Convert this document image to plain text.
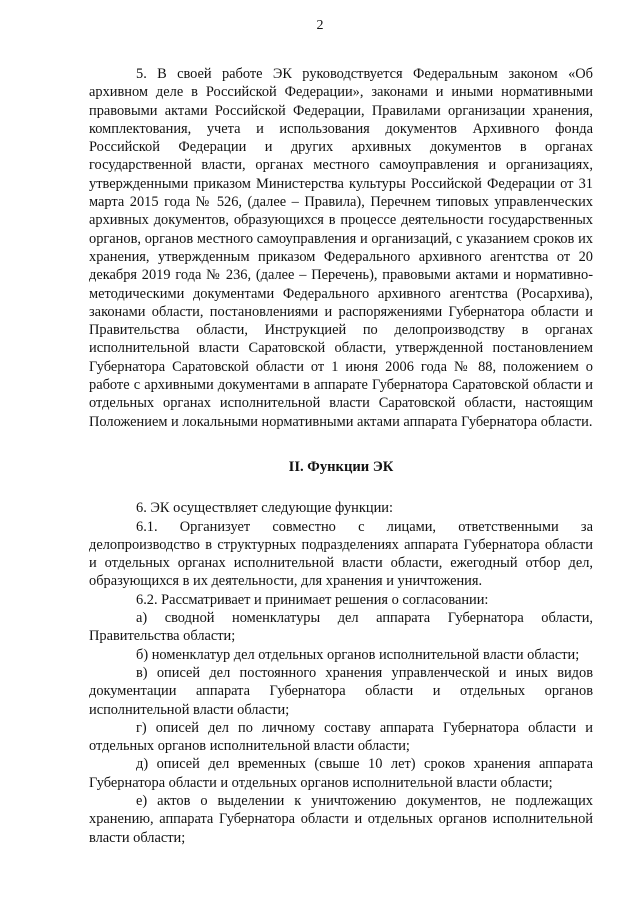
2

5. В своей работе ЭК руководствуется Федеральным законом «Об архивном деле в Российской Федерации», законами и иными нормативными правовыми актами Российской Федерации, Правилами организации хранения, комплектования, учета и использования документов Архивного фонда Российской Федерации и других архивных документов в органах государственной власти, органах местного самоуправления и организациях, утвержденными приказом Министерства культуры Российской Федерации от 31 марта 2015 года № 526, (далее – Правила), Перечнем типовых управленческих архивных документов, образующихся в процессе деятельности государственных органов, органов местного самоуправления и организаций, с указанием сроков их хранения, утвержденным приказом Федерального архивного агентства от 20 декабря 2019 года № 236, (далее – Перечень), правовыми актами и нормативно-методическими документами Федерального архивного агентства (Росархива), законами области, постановлениями и распоряжениями Губернатора области и Правительства области, Инструкцией по делопроизводству в органах исполнительной власти Саратовской области, утвержденной постановлением Губернатора Саратовской области от 1 июня 2006 года № 88, положением о работе с архивными документами в аппарате Губернатора Саратовской области и отдельных органах исполнительной власти Саратовской области, настоящим Положением и локальными нормативными актами аппарата Губернатора области.

II. Функции ЭК

6. ЭК осуществляет следующие функции:

6.1. Организует совместно с лицами, ответственными за делопроизводство в структурных подразделениях аппарата Губернатора области и отдельных органах исполнительной власти области, ежегодный отбор дел, образующихся в их деятельности, для хранения и уничтожения.

6.2. Рассматривает и принимает решения о согласовании:

а) сводной номенклатуры дел аппарата Губернатора области, Правительства области;

б) номенклатур дел отдельных органов исполнительной власти области;

в) описей дел постоянного хранения управленческой и иных видов документации аппарата Губернатора области и отдельных органов исполнительной власти области;

г) описей дел по личному составу аппарата Губернатора области и отдельных органов исполнительной власти области;

д) описей дел временных (свыше 10 лет) сроков хранения аппарата Губернатора области и отдельных органов исполнительной власти области;

е) актов о выделении к уничтожению документов, не подлежащих хранению, аппарата Губернатора области и отдельных органов исполнительной власти области;
